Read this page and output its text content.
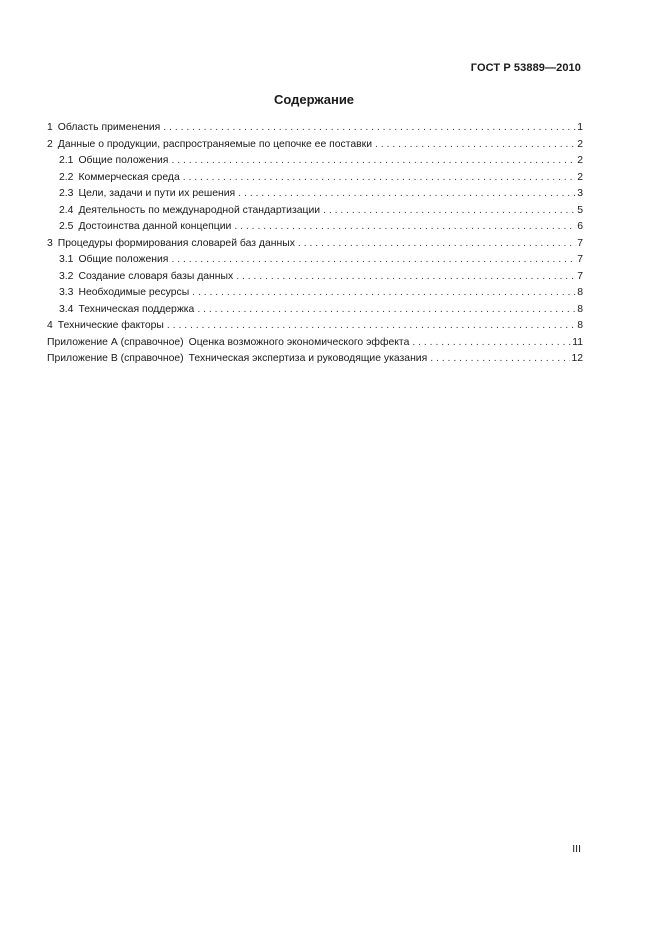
ГОСТ Р 53889—2010
Содержание
1 Область применения . . .	1
2 Данные о продукции, распространяемые по цепочке ее поставки . . .	2
2.1 Общие положения . . .	2
2.2 Коммерческая среда . . .	2
2.3 Цели, задачи и пути их решения . . .	3
2.4 Деятельность по международной стандартизации . . .	5
2.5 Достоинства данной концепции . . .	6
3 Процедуры формирования словарей баз данных . . .	7
3.1 Общие положения . . .	7
3.2 Создание словаря базы данных . . .	7
3.3 Необходимые ресурсы . . .	8
3.4 Техническая поддержка . . .	8
4 Технические факторы . . .	8
Приложение А (справочное) Оценка возможного экономического эффекта . . .	11
Приложение В (справочное) Техническая экспертиза и руководящие указания . . .	12
III
